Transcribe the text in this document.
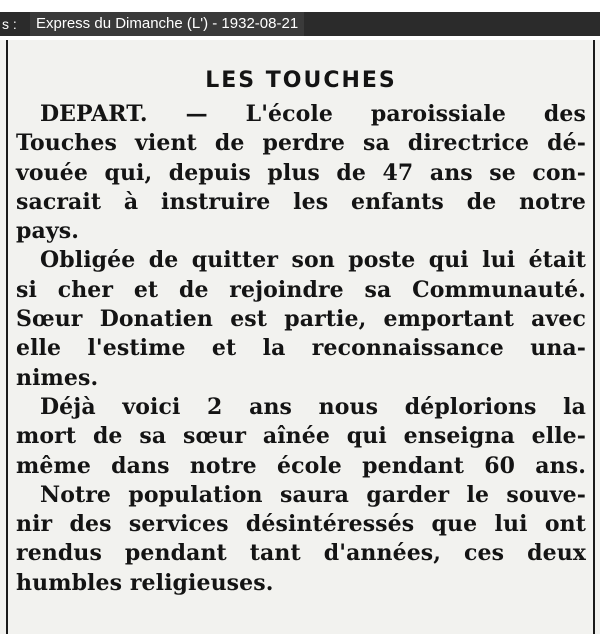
s :	Express du Dimanche (L') - 1932-08-21
LES TOUCHES
DEPART. — L'école paroissiale des
Touches vient de perdre sa directrice dé-
vouée qui, depuis plus de 47 ans se con-
sacrait à instruire les enfants de notre
pays.
Obligée de quitter son poste qui lui était
si cher et de rejoindre sa Communauté.
Sœur Donatien est partie, emportant avec
elle l'estime et la reconnaissance una-
nimes.
Déjà voici 2 ans nous déplorions la
mort de sa sœur aînée qui enseigna elle-
même dans notre école pendant 60 ans.
Notre population saura garder le souve-
nir des services désintéressés que lui ont
rendus pendant tant d'années, ces deux
humbles religieuses.
